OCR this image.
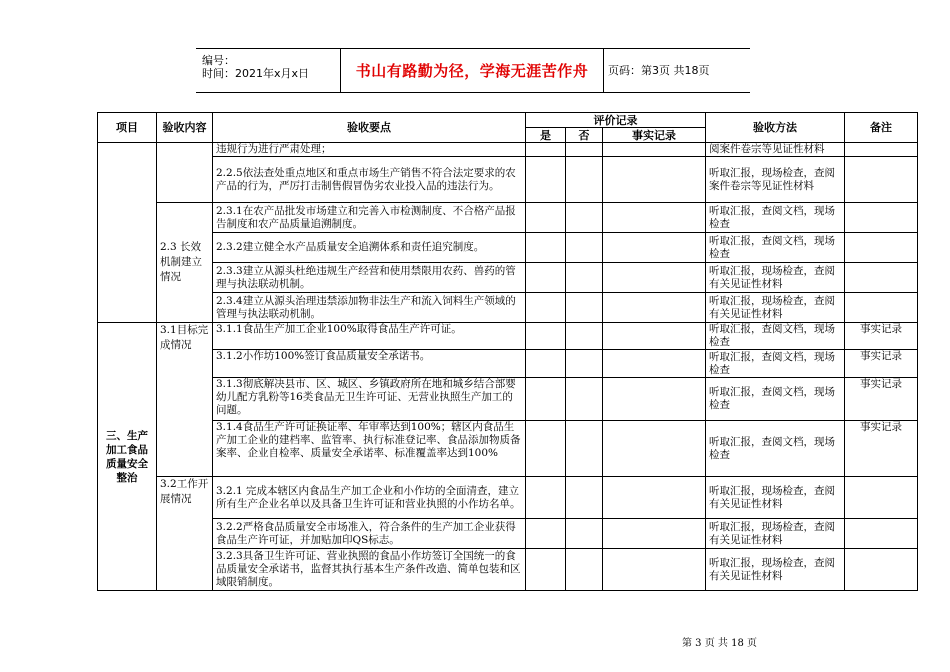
编号：
时间：2021年x月x日	书山有路勤为径，学海无涯苦作舟 页码：第3页 共18页
项目	验收内容	验收要点	评价记录			验收方法	备注
			是	否	事实记录		
		违规行为进行严肃处理；				阅案件卷宗等见证性材料	
		2.2.5依法查处重点地区和重点市场生产销售不符合法定要求的农产品的行为，严厉打击制售假冒伪劣农业投入品的违法行为。				听取汇报，现场检查，查阅案件卷宗等见证性材料	
	2.3 长效机制建立情况	2.3.1在农产品批发市场建立和完善入市检测制度、不合格产品报告制度和农产品质量追溯制度。				听取汇报，查阅文档，现场检查	
		2.3.2建立健全水产品质量安全追溯体系和责任追究制度。				听取汇报，查阅文档，现场检查	
		2.3.3建立从源头杜绝违规生产经营和使用禁限用农药、兽药的管理与执法联动机制。				听取汇报，现场检查，查阅有关见证性材料	
		2.3.4建立从源头治理违禁添加物非法生产和流入饲料生产领域的管理与执法联动机制。				听取汇报，现场检查，查阅有关见证性材料	
三、生产加工食品质量安全整治	3.1目标完成情况	3.1.1食品生产加工企业100%取得食品生产许可证。				听取汇报，查阅文档，现场检查	事实记录
		3.1.2小作坊100%签订食品质量安全承诺书。				听取汇报，查阅文档，现场检查	事实记录
		3.1.3彻底解决县市、区、城区、乡镇政府所在地和城乡结合部婴幼儿配方乳粉等16类食品无卫生许可证、无营业执照生产加工的问题。				听取汇报，查阅文档，现场检查	事实记录
		3.1.4食品生产许可证换证率、年审率达到100%；辖区内食品生产加工企业的建档率、监管率、执行标准登记率、食品添加物质备案率、企业自检率、质量安全承诺率、标准覆盖率达到100%				听取汇报，查阅文档，现场检查	事实记录
	3.2工作开展情况	3.2.1 完成本辖区内食品生产加工企业和小作坊的全面清查，建立所有生产企业名单以及具备卫生许可证和营业执照的小作坊名单。				听取汇报，现场检查，查阅有关见证性材料	
		3.2.2严格食品质量安全市场准入，符合条件的生产加工企业获得食品生产许可证，并加贴加印QS标志。				听取汇报，现场检查，查阅有关见证性材料	
		3.2.3具备卫生许可证、营业执照的食品小作坊签订全国统一的食品质量安全承诺书，监督其执行基本生产条件改造、简单包装和区域限销制度。				听取汇报，现场检查，查阅有关见证性材料	
第 3 页 共 18 页
